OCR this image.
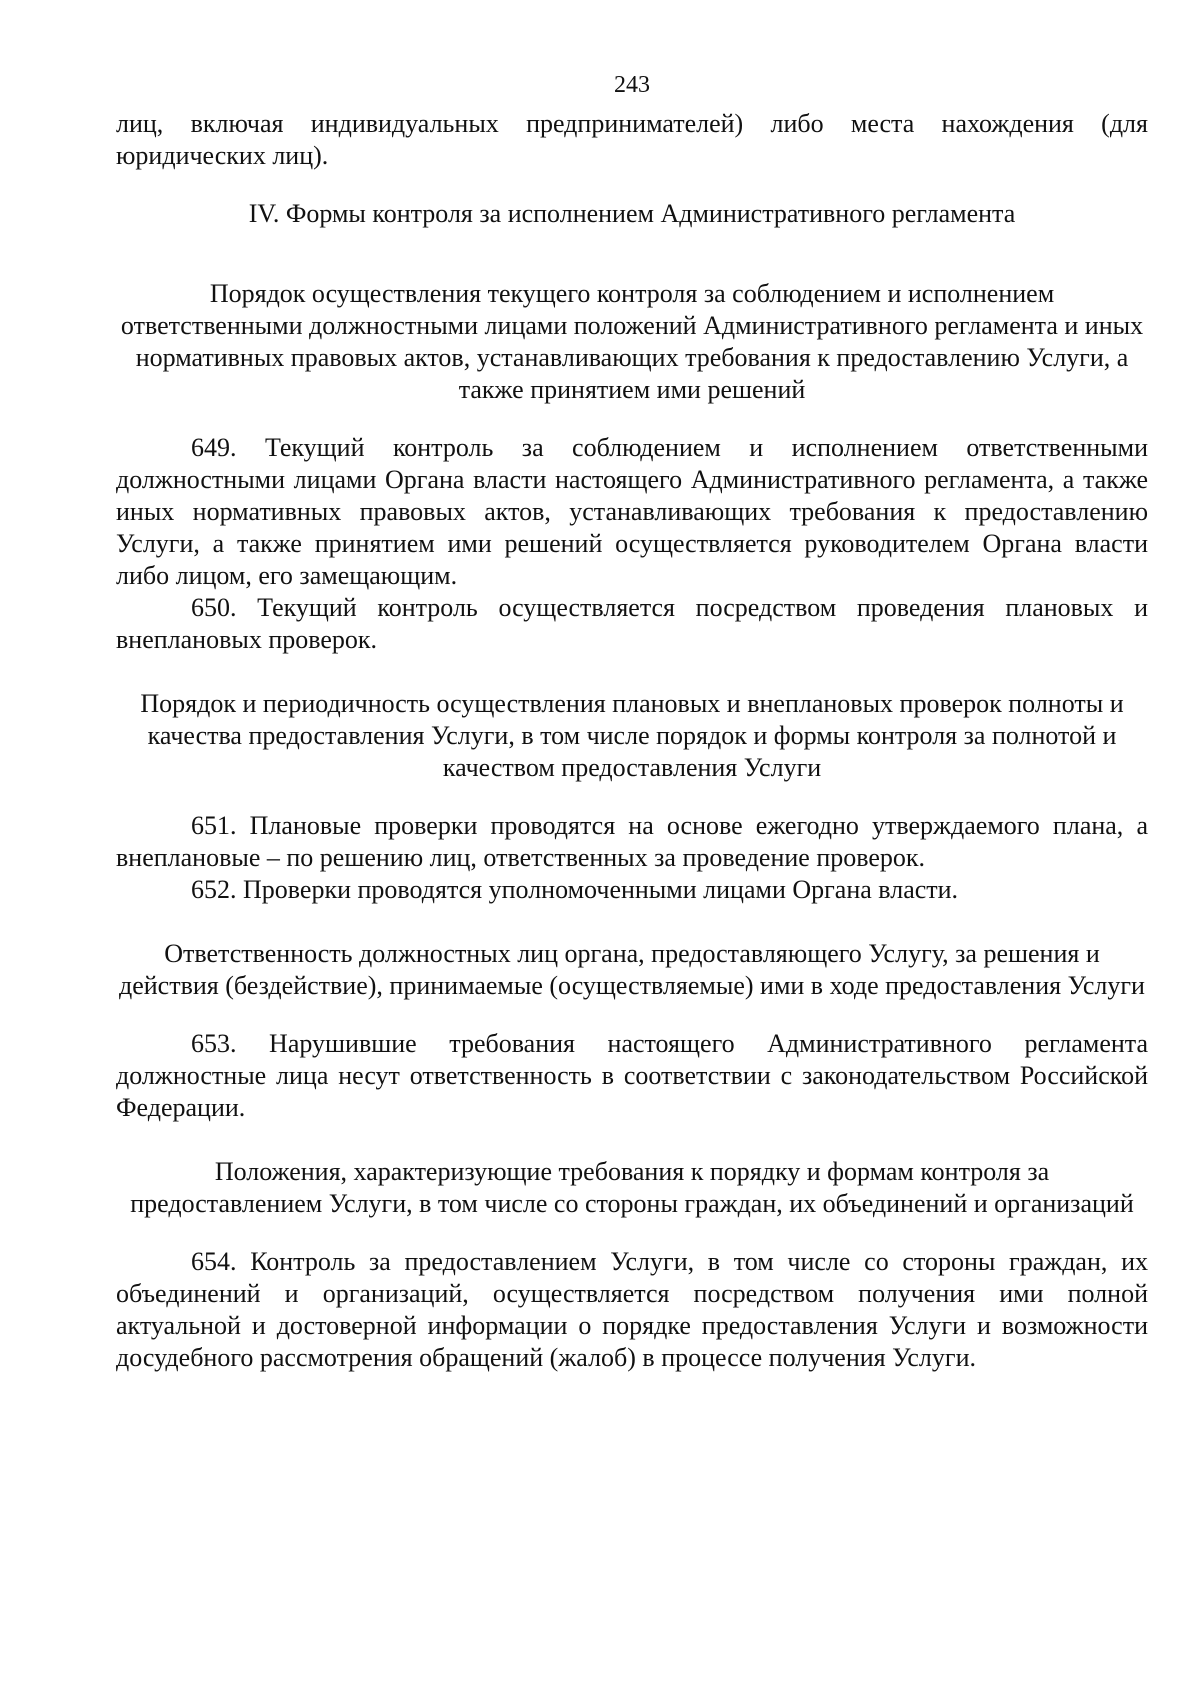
243

лиц, включая индивидуальных предпринимателей) либо места нахождения (для юридических лиц).

IV. Формы контроля за исполнением Административного регламента

Порядок осуществления текущего контроля за соблюдением и исполнением ответственными должностными лицами положений Административного регламента и иных нормативных правовых актов, устанавливающих требования к предоставлению Услуги, а также принятием ими решений

649. Текущий контроль за соблюдением и исполнением ответственными должностными лицами Органа власти настоящего Административного регламента, а также иных нормативных правовых актов, устанавливающих требования к предоставлению Услуги, а также принятием ими решений осуществляется руководителем Органа власти либо лицом, его замещающим.

650. Текущий контроль осуществляется посредством проведения плановых и внеплановых проверок.

Порядок и периодичность осуществления плановых и внеплановых проверок полноты и качества предоставления Услуги, в том числе порядок и формы контроля за полнотой и качеством предоставления Услуги

651. Плановые проверки проводятся на основе ежегодно утверждаемого плана, а внеплановые – по решению лиц, ответственных за проведение проверок.

652. Проверки проводятся уполномоченными лицами Органа власти.

Ответственность должностных лиц органа, предоставляющего Услугу, за решения и действия (бездействие), принимаемые (осуществляемые) ими в ходе предоставления Услуги

653. Нарушившие требования настоящего Административного регламента должностные лица несут ответственность в соответствии с законодательством Российской Федерации.

Положения, характеризующие требования к порядку и формам контроля за предоставлением Услуги, в том числе со стороны граждан, их объединений и организаций

654. Контроль за предоставлением Услуги, в том числе со стороны граждан, их объединений и организаций, осуществляется посредством получения ими полной актуальной и достоверной информации о порядке предоставления Услуги и возможности досудебного рассмотрения обращений (жалоб) в процессе получения Услуги.
